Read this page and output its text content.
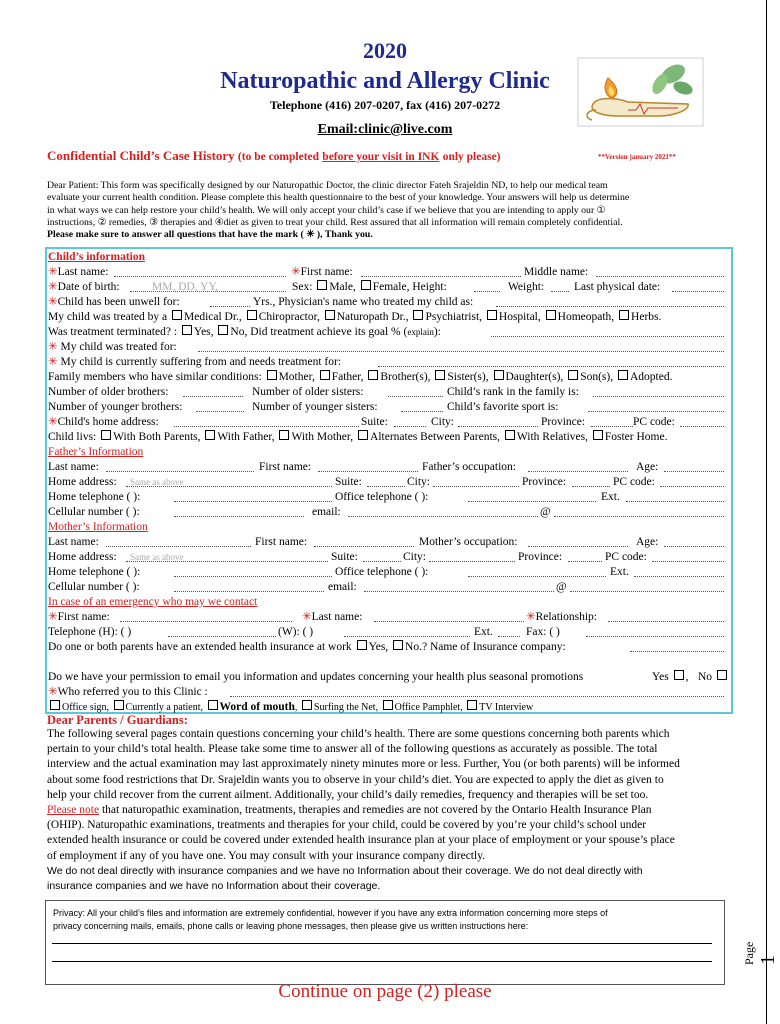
2020
Naturopathic and Allergy Clinic
Telephone (416) 207-0207, fax (416) 207-0272
Email:clinic@live.com
Confidential Child’s Case History (to be completed before your visit in INK only please)	**Version january 2021**
Dear Patient: This form was specifically designed by our Naturopathic Doctor, the clinic director Fateh Srajeldin ND, to help our medical team
evaluate your current health condition. Please complete this health questionnaire to the best of your knowledge. Your answers will help us determine
in what ways we can help restore your child’s health. We will only accept your child’s case if we believe that you are intending to apply our ①
instructions, ② remedies, ③ therapies and ④diet as given to treat your child. Rest assured that all information will remain completely confidential.
Please make sure to answer all questions that have the mark ( ✳ ), Thank you.
Child’s information
✳Last name:	✳First name:	Middle name:
✳Date of birth:	MM, DD, YY,	Sex: Male, Female, Height:	Weight:	Last physical date:
✳Child has been unwell for:	Yrs., Physician's name who treated my child as:
My child was treated by a Medical Dr., Chiropractor, Naturopath Dr., Psychiatrist, Hospital, Homeopath, Herbs.
Was treatment terminated? : Yes, No, Did treatment achieve its goal % (explain):
✳ My child was treated for:
✳ My child is currently suffering from and needs treatment for:
Family members who have similar conditions: Mother, Father, Brother(s), Sister(s), Daughter(s), Son(s), Adopted.
Number of older brothers:	Number of older sisters:	Child’s rank in the family is:
Number of younger brothers:	Number of younger sisters:	Child’s favorite sport is:
✳Child's home address:	Suite:	City:	Province:	PC code:
Child livs: With Both Parents, With Father, With Mother, Alternates Between Parents, With Relatives, Foster Home.
Father’s Information
Last name:	First name:	Father’s occupation:	Age:
Home address:	Same as above	Suite:	City:	Province:	PC code:
Home telephone ( ):	Office telephone ( ):	Ext.
Cellular number ( ):	email:	@
Mother’s Information
Last name:	First name:	Mother’s occupation:	Age:
Home address:	Same as above	Suite:	City:	Province:	PC code:
Home telephone ( ):	Office telephone ( ):	Ext.
Cellular number ( ):	email:	@
In case of an emergency who may we contact
✳First name:	✳Last name:	✳Relationship:
Telephone (H): ( )	(W): ( )	Ext.	Fax: ( )
Do one or both parents have an extended health insurance at work Yes, No.? Name of Insurance company:
Do we have your permission to email you information and updates concerning your health plus seasonal promotions	Yes , No
✳Who referred you to this Clinic :
Office sign, Currently a patient, Word of mouth, Surfing the Net, Office Pamphlet, TV Interview
Dear Parents / Guardians:
The following several pages contain questions concerning your child’s health. There are some questions concerning both parents which
pertain to your child’s total health. Please take some time to answer all of the following questions as accurately as possible. The total
interview and the actual examination may last approximately ninety minutes more or less. Further, You (or both parents) will be informed
about some food restrictions that Dr. Srajeldin wants you to observe in your child’s diet. You are expected to apply the diet as given to
help your child recover from the current ailment. Additionally, your child’s daily remedies, frequency and therapies will be set too.
Please note that naturopathic examination, treatments, therapies and remedies are not covered by the Ontario Health Insurance Plan
(OHIP). Naturopathic examinations, treatments and therapies for your child, could be covered by you’re your child’s school under
extended health insurance or could be covered under extended health insurance plan at your place of employment or your spouse’s place
of employment if any of you have one. You may consult with your insurance company directly.
We do not deal directly with insurance companies and we have no Information about their coverage. We do not deal directly with
insurance companies and we have no Information about their coverage.
Privacy: All your child’s files and information are extremely confidential, however if you have any extra information concerning more steps of
privacy concerning mails, emails, phone calls or leaving phone messages, then please give us written instructions here:
Continue on page (2) please
Page 1
